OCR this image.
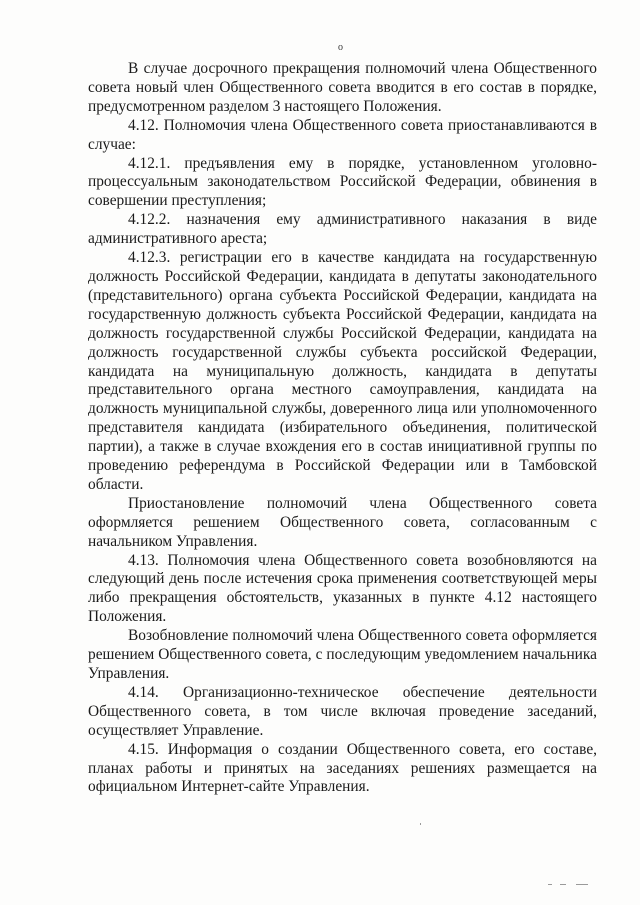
о

В случае досрочного прекращения полномочий члена Общественного совета новый член Общественного совета вводится в его состав в порядке, предусмотренном разделом 3 настоящего Положения.

4.12. Полномочия члена Общественного совета приостанавливаются в случае:

4.12.1. предъявления ему в порядке, установленном уголовно-процессуальным законодательством Российской Федерации, обвинения в совершении преступления;

4.12.2. назначения ему административного наказания в виде административного ареста;

4.12.3. регистрации его в качестве кандидата на государственную должность Российской Федерации, кандидата в депутаты законодательного (представительного) органа субъекта Российской Федерации, кандидата на государственную должность субъекта Российской Федерации, кандидата на должность государственной службы Российской Федерации, кандидата на должность государственной службы субъекта российской Федерации, кандидата на муниципальную должность, кандидата в депутаты представительного органа местного самоуправления, кандидата на должность муниципальной службы, доверенного лица или уполномоченного представителя кандидата (избирательного объединения, политической партии), а также в случае вхождения его в состав инициативной группы по проведению референдума в Российской Федерации или в Тамбовской области.

Приостановление полномочий члена Общественного совета оформляется решением Общественного совета, согласованным с начальником Управления.

4.13. Полномочия члена Общественного совета возобновляются на следующий день после истечения срока применения соответствующей меры либо прекращения обстоятельств, указанных в пункте 4.12 настоящего Положения.

Возобновление полномочий члена Общественного совета оформляется решением Общественного совета, с последующим уведомлением начальника Управления.

4.14. Организационно-техническое обеспечение деятельности Общественного совета, в том числе включая проведение заседаний, осуществляет Управление.

4.15. Информация о создании Общественного совета, его составе, планах работы и принятых на заседаниях решениях размещается на официальном Интернет-сайте Управления.
